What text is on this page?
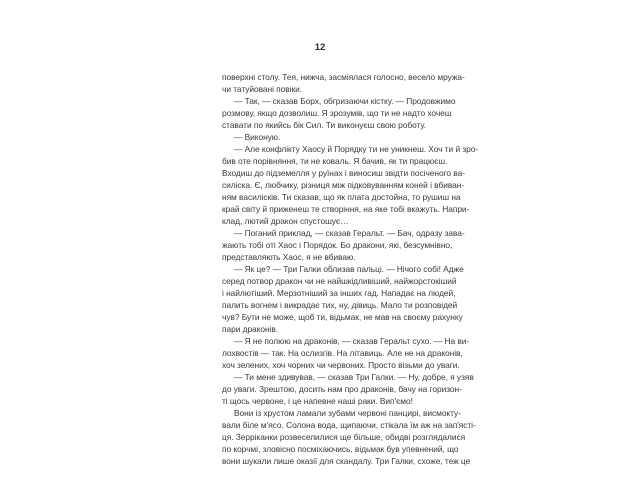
12
поверхні столу. Тея, нижча, засміялася голосно, весело мружа-
чи татуйовані повіки.
— Так, — сказав Борх, обгризаючи кістку. — Продовжимо
розмову, якщо дозволиш. Я зрозумів, що ти не надто хочеш
ставати по якийсь бік Сил. Ти виконуєш свою роботу.
— Виконую.
— Але конфлікту Хаосу й Порядку ти не уникнеш. Хоч ти й зро-
бив оте порівняння, ти не коваль. Я бачив, як ти працюєш.
Входиш до підземелля у руїнах і виносиш звідти посіченого ва-
силіска. Є, любчику, різниця між підковуванням коней і вбиван-
ням василісків. Ти сказав, що як плата достойна, то рушиш на
край світу й приженеш те створіння, на яке тобі вкажуть. Напри-
клад, лютий дракон спустошує…
— Поганий приклад, — сказав Геральт. — Бач, одразу зава-
жають тобі оті Хаос і Порядок. Бо дракони, які, безсумнівно,
представляють Хаос, я не вбиваю.
— Як це? — Три Галки облизав пальці. — Нічого собі! Адже
серед потвор дракон чи не найшкідливіший, найжорстокіший
і найлютіший. Мерзотніший за інших гад. Нападає на людей,
палить вогнем і викрадає тих, ну, дівиць. Мало ти розповідей
чув? Бути не може, щоб ти, відьмак, не мав на своєму рахунку
пари драконів.
— Я не полюю на драконів, — сказав Геральт сухо. — На ви-
лохвостів — так. На ослизгів. На літавиць. Але не на драконів,
хоч зелених, хоч чорних чи червоних. Просто візьми до уваги.
— Ти мене здивував, — сказав Три Галки. — Ну, добре, я узяв
до уваги. Зрештою, досить нам про драконів, бачу на горизон-
ті щось червоне, і це напевне наші раки. Вип'ємо!
Вони із хрустом ламали зубами червоні панцирі, висмокту-
вали біле м'ясо. Солона вода, щипаючи, стікала їм аж на зап'ясті-
ця. Зерріканки розвеселилися ще більше, обидві розглядалися
по корчмі, зловісно посміхаючись, відьмак був упевнений, що
вони шукали лише оказії для скандалу. Три Галки, схоже, теж це
